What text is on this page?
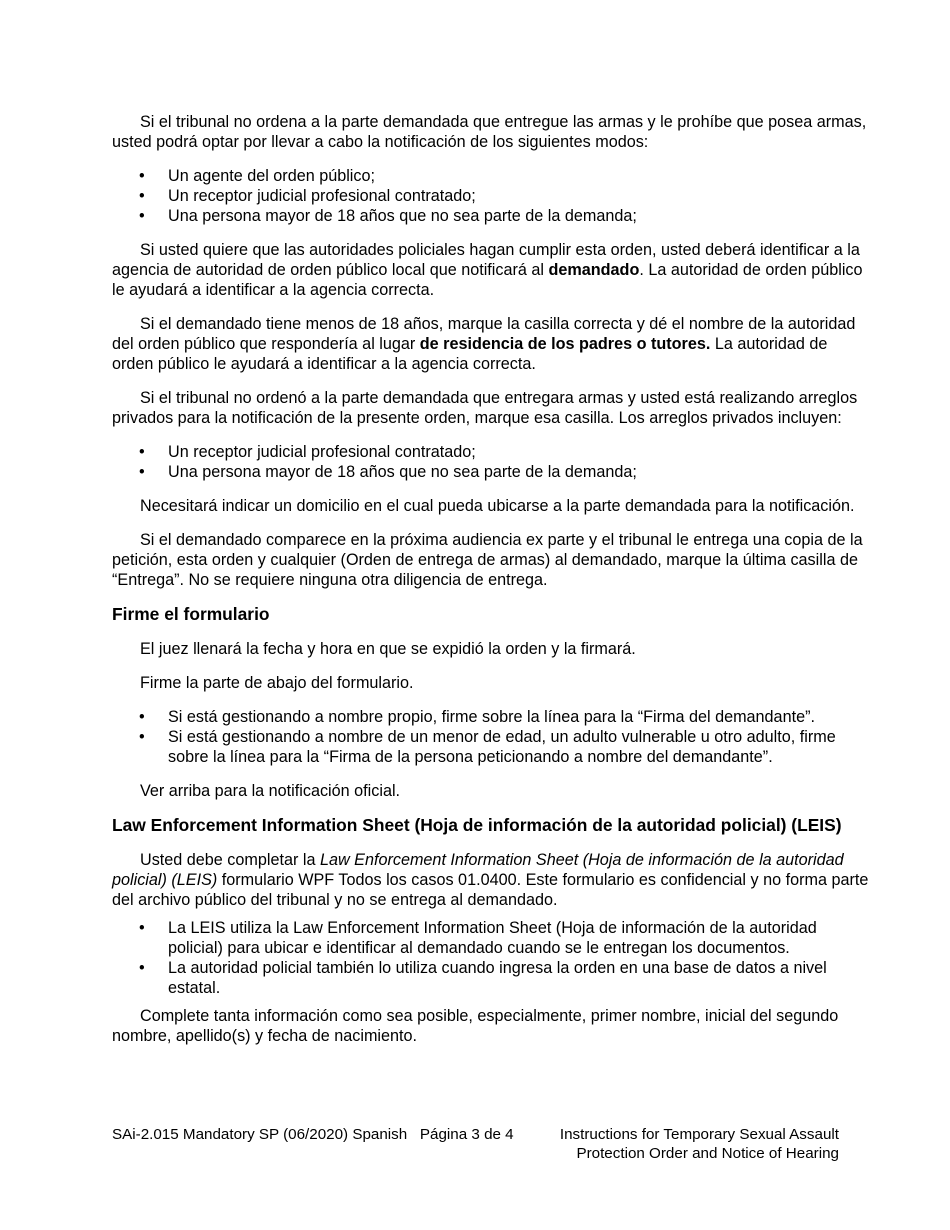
Si el tribunal no ordena a la parte demandada que entregue las armas y le prohíbe que posea armas, usted podrá optar por llevar a cabo la notificación de los siguientes modos:

• Un agente del orden público;
• Un receptor judicial profesional contratado;
• Una persona mayor de 18 años que no sea parte de la demanda;

Si usted quiere que las autoridades policiales hagan cumplir esta orden, usted deberá identificar a la agencia de autoridad de orden público local que notificará al demandado. La autoridad de orden público le ayudará a identificar a la agencia correcta.

Si el demandado tiene menos de 18 años, marque la casilla correcta y dé el nombre de la autoridad del orden público que respondería al lugar de residencia de los padres o tutores. La autoridad de orden público le ayudará a identificar a la agencia correcta.

Si el tribunal no ordenó a la parte demandada que entregara armas y usted está realizando arreglos privados para la notificación de la presente orden, marque esa casilla. Los arreglos privados incluyen:

• Un receptor judicial profesional contratado;
• Una persona mayor de 18 años que no sea parte de la demanda;

Necesitará indicar un domicilio en el cual pueda ubicarse a la parte demandada para la notificación.

Si el demandado comparece en la próxima audiencia ex parte y el tribunal le entrega una copia de la petición, esta orden y cualquier (Orden de entrega de armas) al demandado, marque la última casilla de “Entrega”. No se requiere ninguna otra diligencia de entrega.

Firme el formulario

El juez llenará la fecha y hora en que se expidió la orden y la firmará.

Firme la parte de abajo del formulario.

• Si está gestionando a nombre propio, firme sobre la línea para la “Firma del demandante”.
• Si está gestionando a nombre de un menor de edad, un adulto vulnerable u otro adulto, firme sobre la línea para la “Firma de la persona peticionando a nombre del demandante”.

Ver arriba para la notificación oficial.

Law Enforcement Information Sheet (Hoja de información de la autoridad policial) (LEIS)

Usted debe completar la Law Enforcement Information Sheet (Hoja de información de la autoridad policial) (LEIS) formulario WPF Todos los casos 01.0400. Este formulario es confidencial y no forma parte del archivo público del tribunal y no se entrega al demandado.

• La LEIS utiliza la Law Enforcement Information Sheet (Hoja de información de la autoridad policial) para ubicar e identificar al demandado cuando se le entregan los documentos.
• La autoridad policial también lo utiliza cuando ingresa la orden en una base de datos a nivel estatal.

Complete tanta información como sea posible, especialmente, primer nombre, inicial del segundo nombre, apellido(s) y fecha de nacimiento.

SAi-2.015 Mandatory SP (06/2020) Spanish Página 3 de 4	Instructions for Temporary Sexual Assault
Protection Order and Notice of Hearing
